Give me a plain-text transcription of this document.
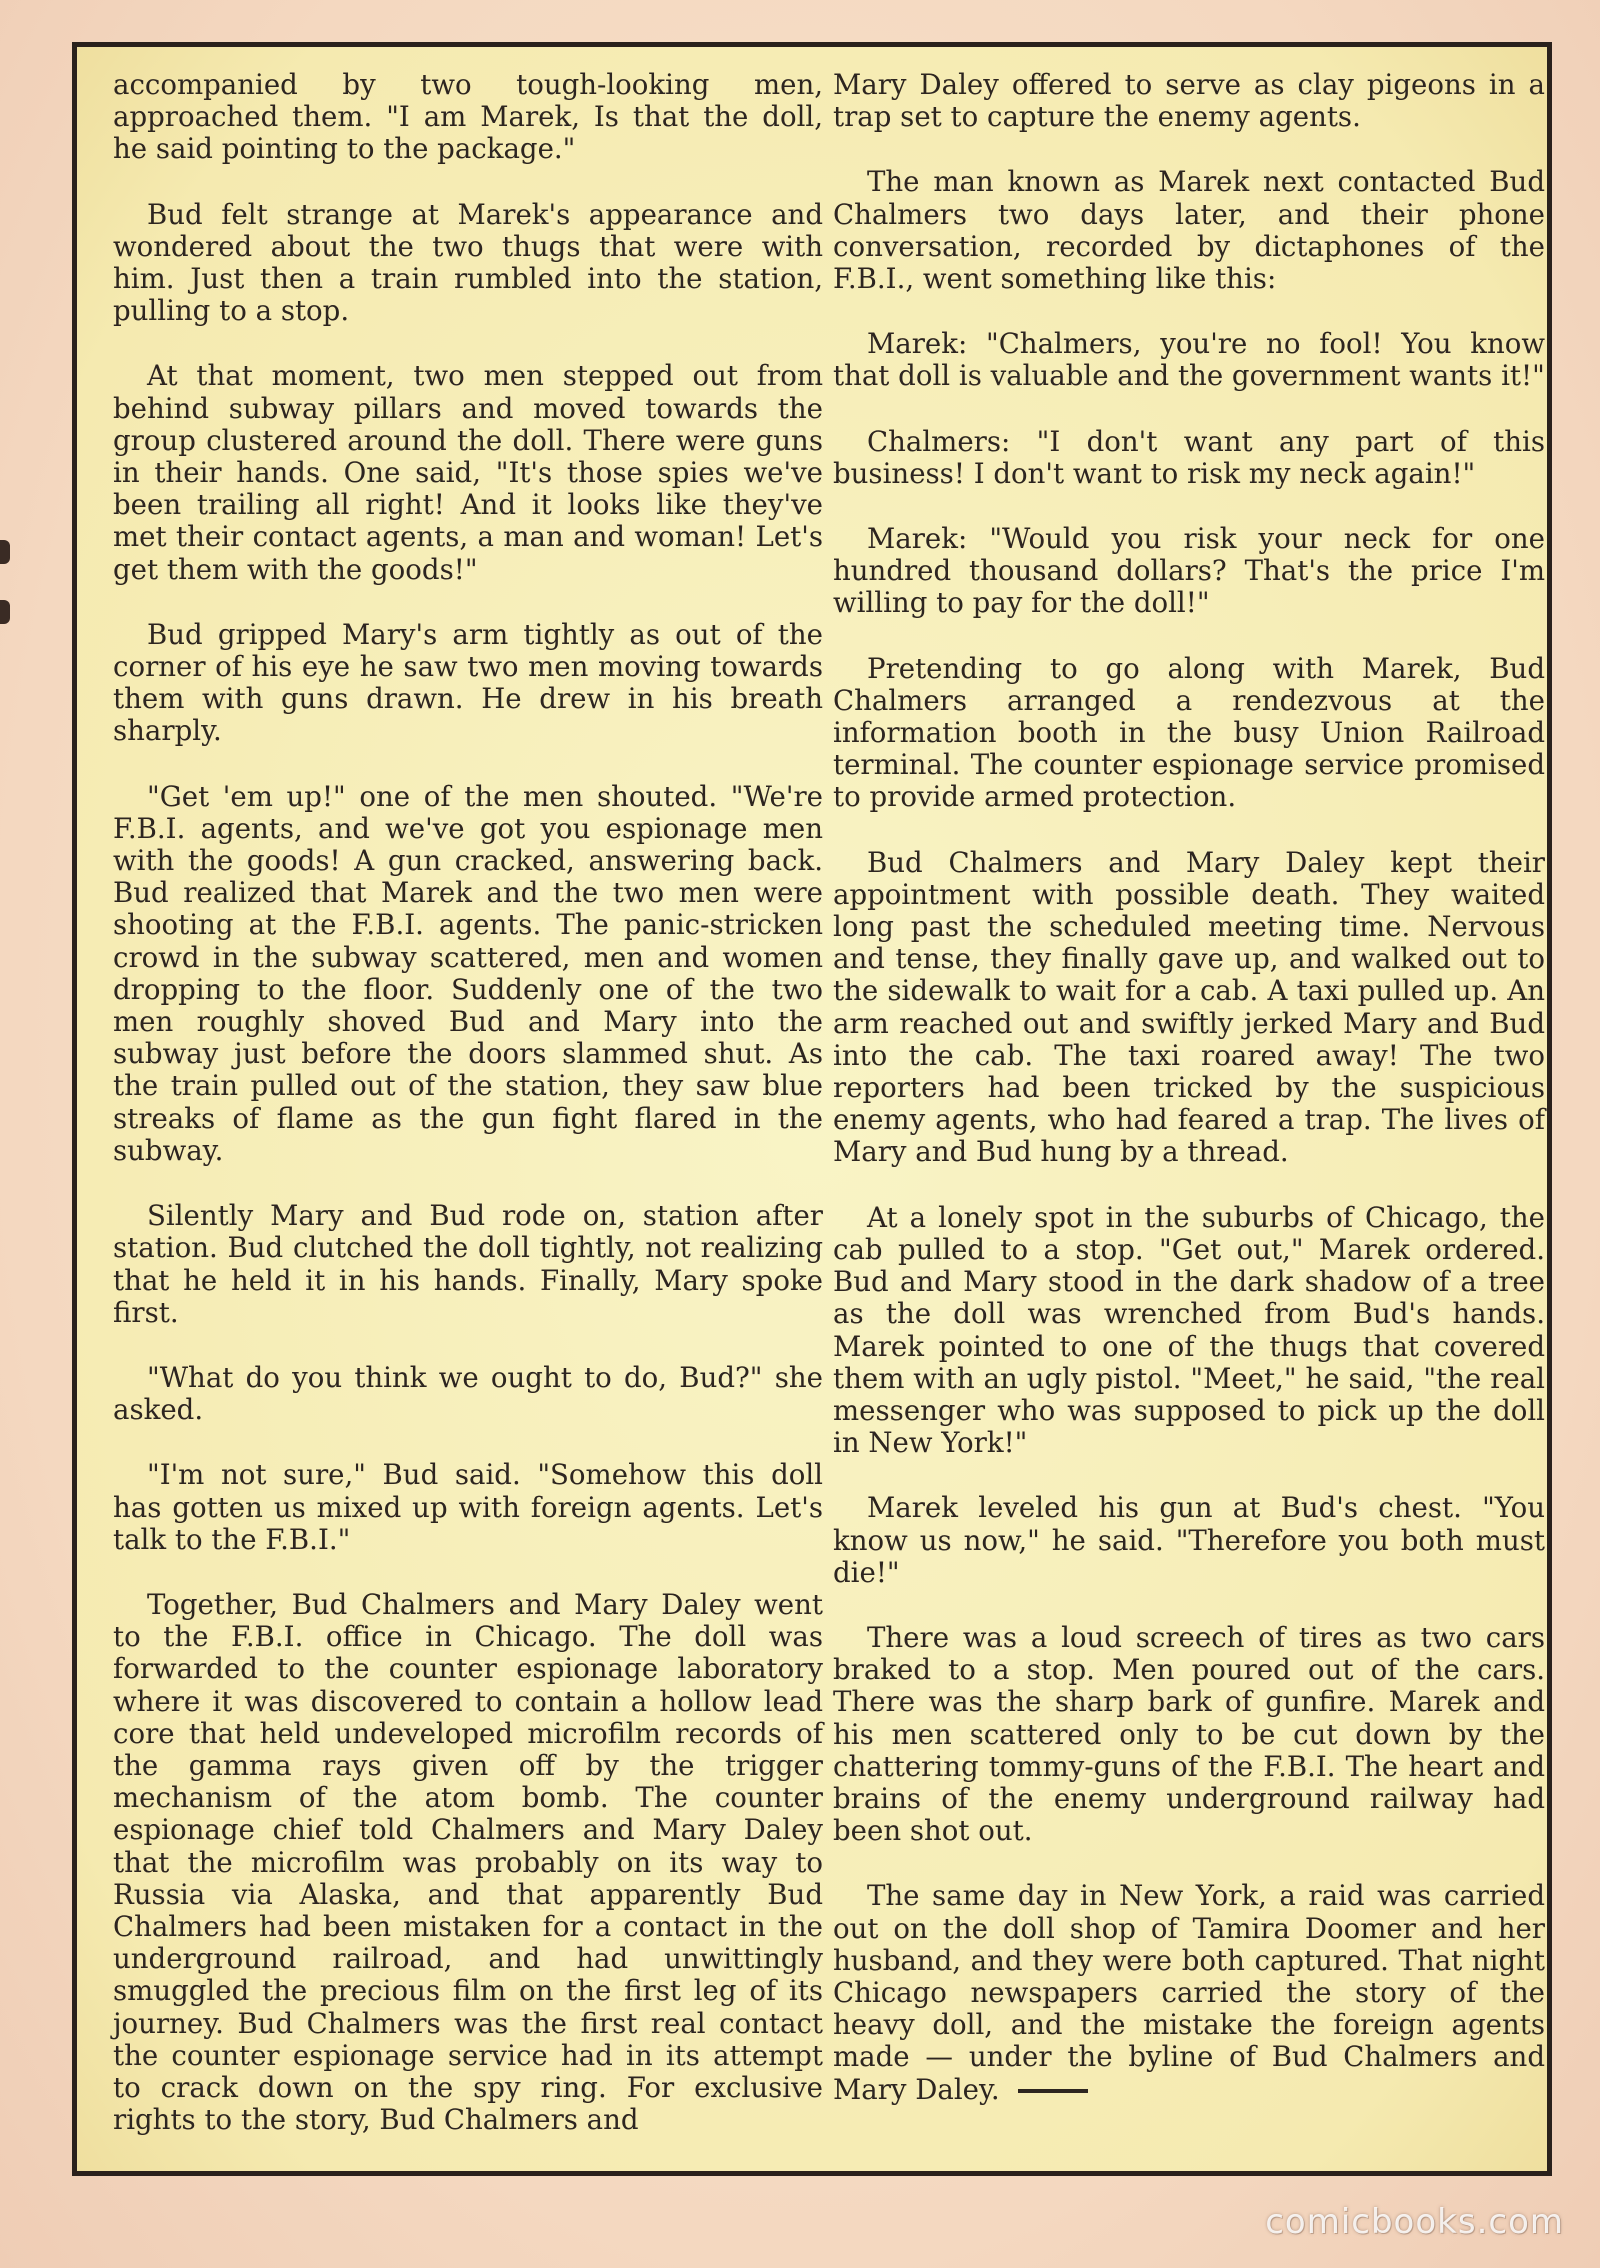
accompanied by two tough-looking men, approached them. "I am Marek, Is that the doll, he said pointing to the package."

Bud felt strange at Marek's appearance and wondered about the two thugs that were with him. Just then a train rumbled into the station, pulling to a stop.

At that moment, two men stepped out from behind subway pillars and moved towards the group clustered around the doll. There were guns in their hands. One said, "It's those spies we've been trailing all right! And it looks like they've met their contact agents, a man and woman! Let's get them with the goods!"

Bud gripped Mary's arm tightly as out of the corner of his eye he saw two men moving towards them with guns drawn. He drew in his breath sharply.

"Get 'em up!" one of the men shouted. "We're F.B.I. agents, and we've got you espionage men with the goods! A gun cracked, answering back. Bud realized that Marek and the two men were shooting at the F.B.I. agents. The panic-stricken crowd in the subway scattered, men and women dropping to the floor. Suddenly one of the two men roughly shoved Bud and Mary into the subway just before the doors slammed shut. As the train pulled out of the station, they saw blue streaks of flame as the gun fight flared in the subway.

Silently Mary and Bud rode on, station after station. Bud clutched the doll tightly, not realizing that he held it in his hands. Finally, Mary spoke first.

"What do you think we ought to do, Bud?" she asked.

"I'm not sure," Bud said. "Somehow this doll has gotten us mixed up with foreign agents. Let's talk to the F.B.I."

Together, Bud Chalmers and Mary Daley went to the F.B.I. office in Chicago. The doll was forwarded to the counter espionage laboratory where it was discovered to contain a hollow lead core that held undeveloped microfilm records of the gamma rays given off by the trigger mechanism of the atom bomb. The counter espionage chief told Chalmers and Mary Daley that the microfilm was probably on its way to Russia via Alaska, and that apparently Bud Chalmers had been mistaken for a contact in the underground railroad, and had unwittingly smuggled the precious film on the first leg of its journey. Bud Chalmers was the first real contact the counter espionage service had in its attempt to crack down on the spy ring. For exclusive rights to the story, Bud Chalmers and

Mary Daley offered to serve as clay pigeons in a trap set to capture the enemy agents.

The man known as Marek next contacted Bud Chalmers two days later, and their phone conversation, recorded by dictaphones of the F.B.I., went something like this:

Marek: "Chalmers, you're no fool! You know that doll is valuable and the government wants it!"

Chalmers: "I don't want any part of this business! I don't want to risk my neck again!"

Marek: "Would you risk your neck for one hundred thousand dollars? That's the price I'm willing to pay for the doll!"

Pretending to go along with Marek, Bud Chalmers arranged a rendezvous at the information booth in the busy Union Railroad terminal. The counter espionage service promised to provide armed protection.

Bud Chalmers and Mary Daley kept their appointment with possible death. They waited long past the scheduled meeting time. Nervous and tense, they finally gave up, and walked out to the sidewalk to wait for a cab. A taxi pulled up. An arm reached out and swiftly jerked Mary and Bud into the cab. The taxi roared away! The two reporters had been tricked by the suspicious enemy agents, who had feared a trap. The lives of Mary and Bud hung by a thread.

At a lonely spot in the suburbs of Chicago, the cab pulled to a stop. "Get out," Marek ordered. Bud and Mary stood in the dark shadow of a tree as the doll was wrenched from Bud's hands. Marek pointed to one of the thugs that covered them with an ugly pistol. "Meet," he said, "the real messenger who was supposed to pick up the doll in New York!"

Marek leveled his gun at Bud's chest. "You know us now," he said. "Therefore you both must die!"

There was a loud screech of tires as two cars braked to a stop. Men poured out of the cars. There was the sharp bark of gunfire. Marek and his men scattered only to be cut down by the chattering tommy-guns of the F.B.I. The heart and brains of the enemy underground railway had been shot out.

The same day in New York, a raid was carried out on the doll shop of Tamira Doomer and her husband, and they were both captured. That night Chicago newspapers carried the story of the heavy doll, and the mistake the foreign agents made — under the byline of Bud Chalmers and Mary Daley.

comicbooks.com
